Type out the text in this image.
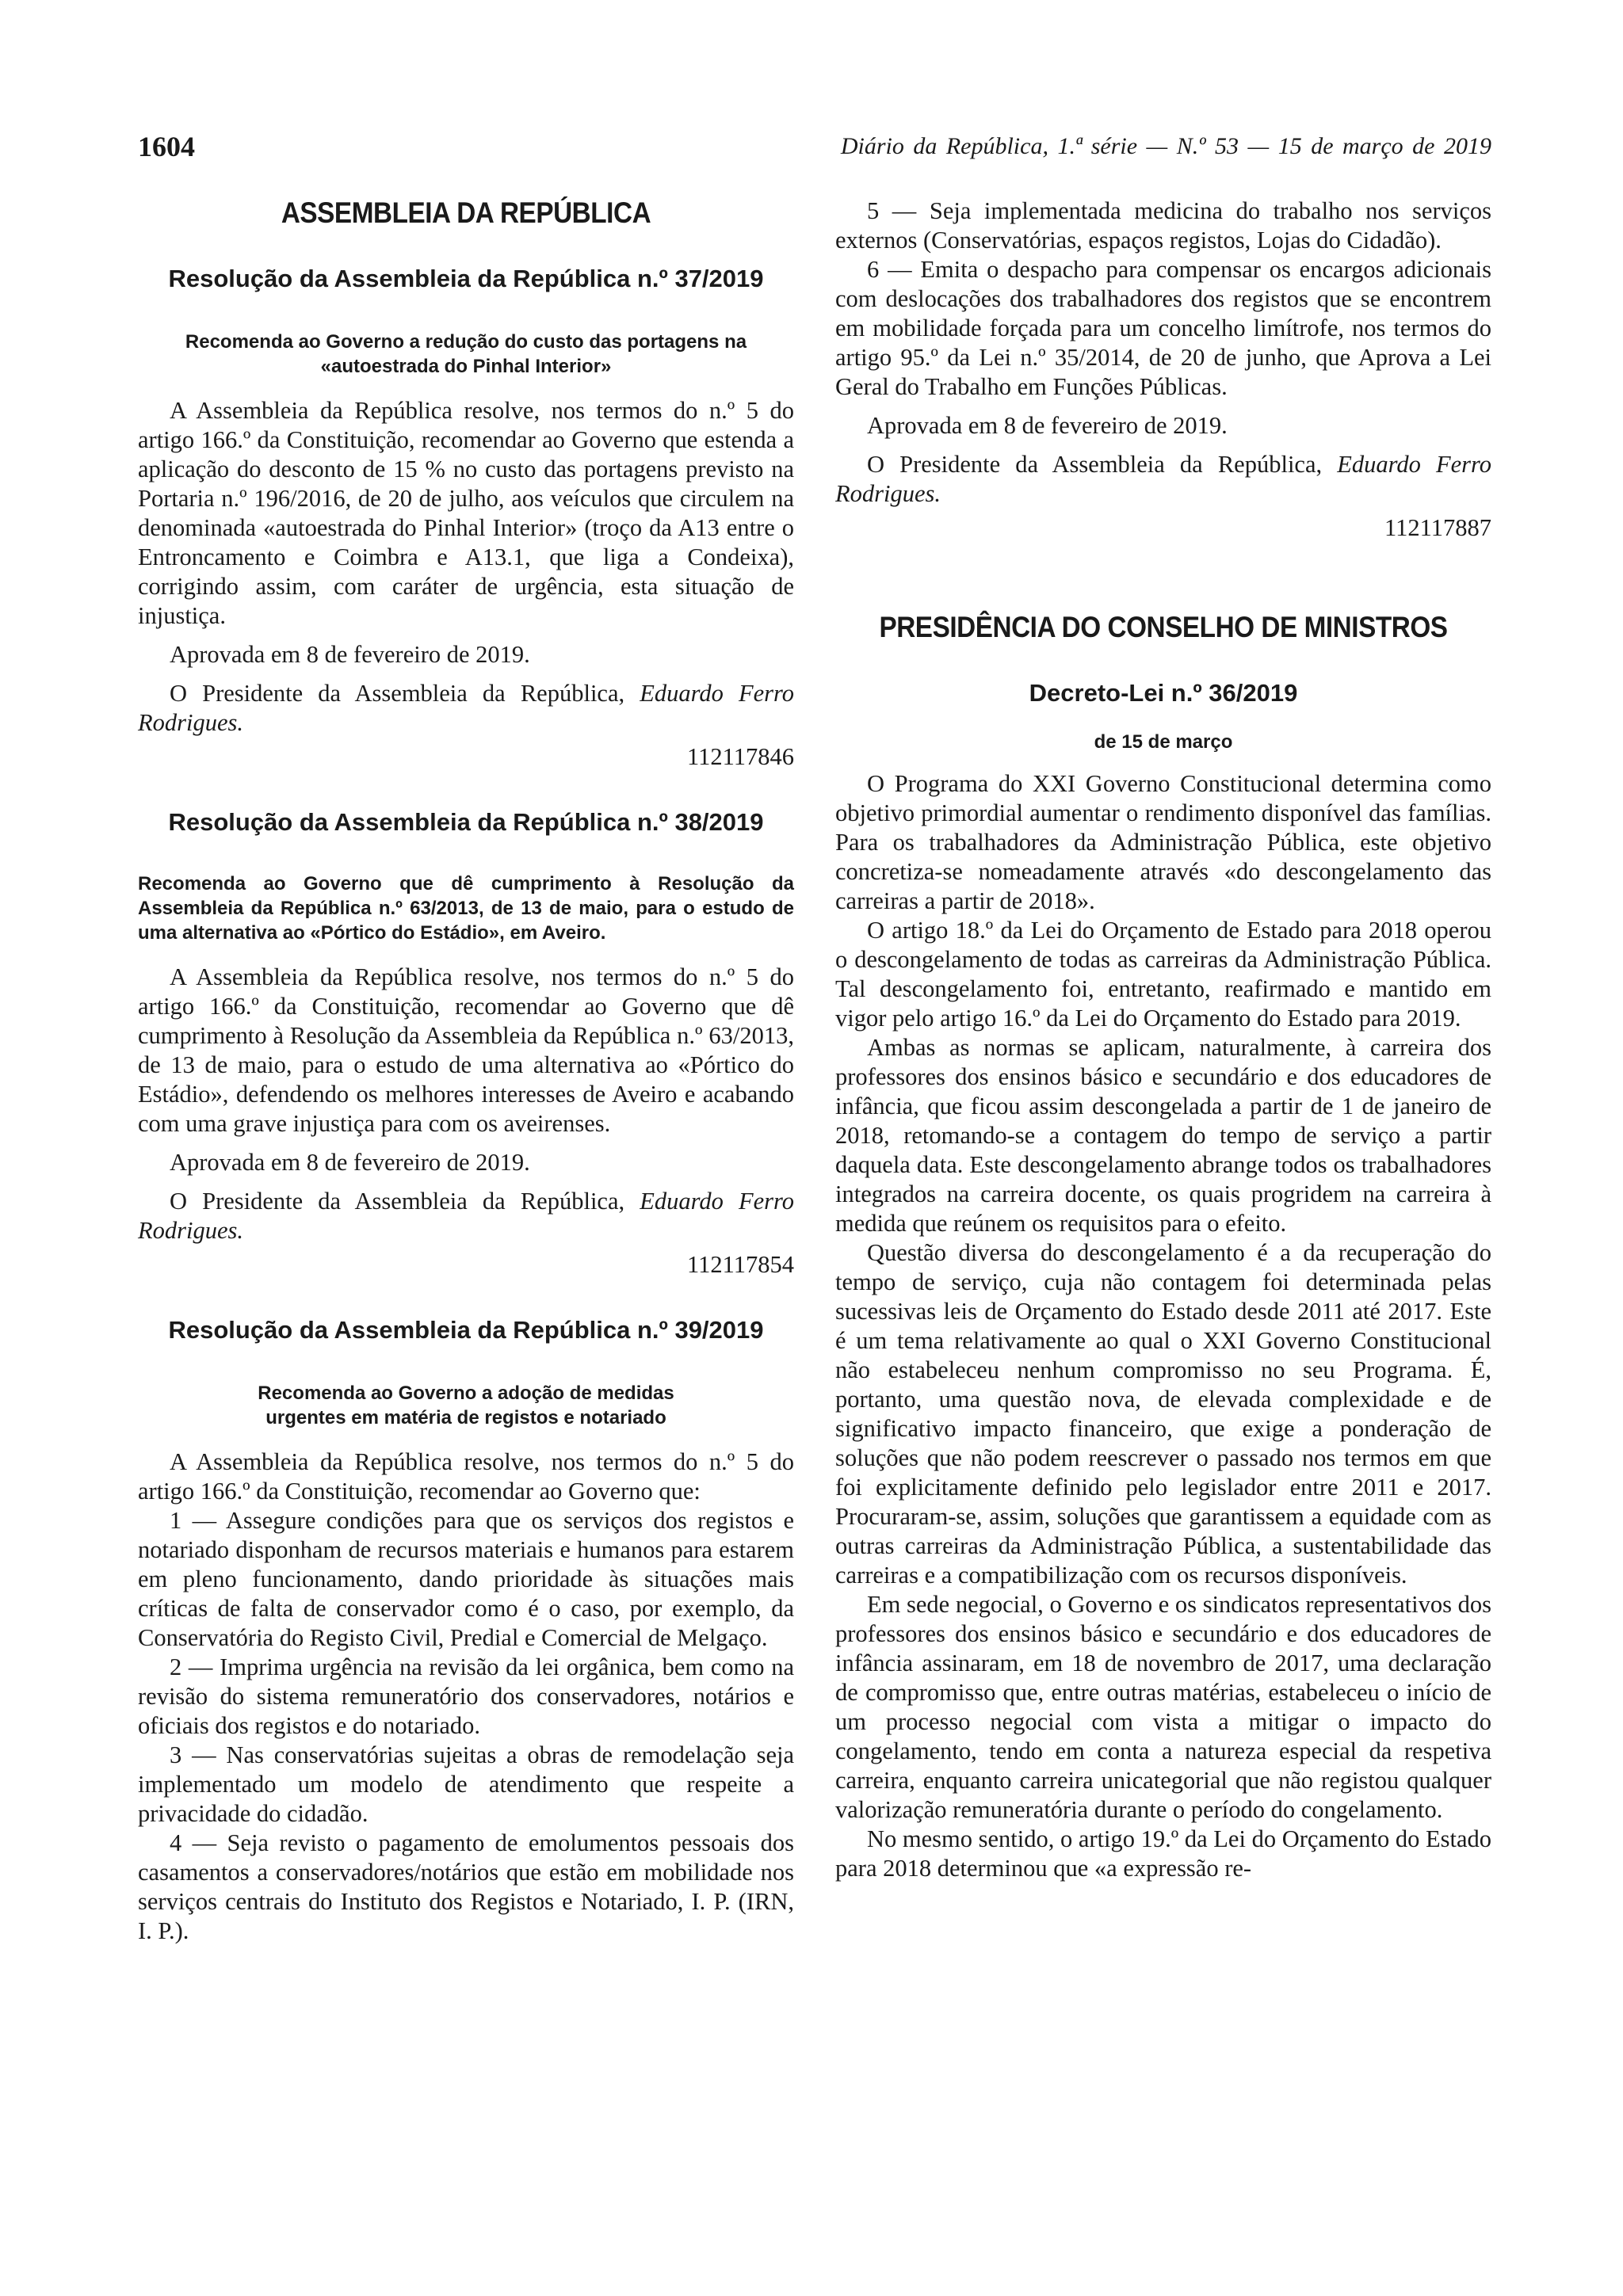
1604	Diário da República, 1.ª série — N.º 53 — 15 de março de 2019
ASSEMBLEIA DA REPÚBLICA
Resolução da Assembleia da República n.º 37/2019
Recomenda ao Governo a redução do custo das portagens na «autoestrada do Pinhal Interior»

A Assembleia da República resolve, nos termos do n.º 5 do artigo 166.º da Constituição, recomendar ao Governo que estenda a aplicação do desconto de 15 % no custo das portagens previsto na Portaria n.º 196/2016, de 20 de julho, aos veículos que circulem na denominada «autoestrada do Pinhal Interior» (troço da A13 entre o Entroncamento e Coimbra e A13.1, que liga a Condeixa), corrigindo assim, com caráter de urgência, esta situação de injustiça.

Aprovada em 8 de fevereiro de 2019.

O Presidente da Assembleia da República, Eduardo Ferro Rodrigues.

112117846
Resolução da Assembleia da República n.º 38/2019
Recomenda ao Governo que dê cumprimento à Resolução da Assembleia da República n.º 63/2013, de 13 de maio, para o estudo de uma alternativa ao «Pórtico do Estádio», em Aveiro.

A Assembleia da República resolve, nos termos do n.º 5 do artigo 166.º da Constituição, recomendar ao Governo que dê cumprimento à Resolução da Assembleia da República n.º 63/2013, de 13 de maio, para o estudo de uma alternativa ao «Pórtico do Estádio», defendendo os melhores interesses de Aveiro e acabando com uma grave injustiça para com os aveirenses.

Aprovada em 8 de fevereiro de 2019.

O Presidente da Assembleia da República, Eduardo Ferro Rodrigues.

112117854
Resolução da Assembleia da República n.º 39/2019
Recomenda ao Governo a adoção de medidas urgentes em matéria de registos e notariado

A Assembleia da República resolve, nos termos do n.º 5 do artigo 166.º da Constituição, recomendar ao Governo que:

1 — Assegure condições para que os serviços dos registos e notariado disponham de recursos materiais e humanos para estarem em pleno funcionamento, dando prioridade às situações mais críticas de falta de conservador como é o caso, por exemplo, da Conservatória do Registo Civil, Predial e Comercial de Melgaço.

2 — Imprima urgência na revisão da lei orgânica, bem como na revisão do sistema remuneratório dos conservadores, notários e oficiais dos registos e do notariado.

3 — Nas conservatórias sujeitas a obras de remodelação seja implementado um modelo de atendimento que respeite a privacidade do cidadão.

4 — Seja revisto o pagamento de emolumentos pessoais dos casamentos a conservadores/notários que estão em mobilidade nos serviços centrais do Instituto dos Registos e Notariado, I. P. (IRN, I. P.).

5 — Seja implementada medicina do trabalho nos serviços externos (Conservatórias, espaços registos, Lojas do Cidadão).

6 — Emita o despacho para compensar os encargos adicionais com deslocações dos trabalhadores dos registos que se encontrem em mobilidade forçada para um concelho limítrofe, nos termos do artigo 95.º da Lei n.º 35/2014, de 20 de junho, que Aprova a Lei Geral do Trabalho em Funções Públicas.

Aprovada em 8 de fevereiro de 2019.

O Presidente da Assembleia da República, Eduardo Ferro Rodrigues.

112117887
PRESIDÊNCIA DO CONSELHO DE MINISTROS
Decreto-Lei n.º 36/2019
de 15 de março

O Programa do XXI Governo Constitucional determina como objetivo primordial aumentar o rendimento disponível das famílias. Para os trabalhadores da Administração Pública, este objetivo concretiza-se nomeadamente através «do descongelamento das carreiras a partir de 2018».

O artigo 18.º da Lei do Orçamento de Estado para 2018 operou o descongelamento de todas as carreiras da Administração Pública. Tal descongelamento foi, entretanto, reafirmado e mantido em vigor pelo artigo 16.º da Lei do Orçamento do Estado para 2019.

Ambas as normas se aplicam, naturalmente, à carreira dos professores dos ensinos básico e secundário e dos educadores de infância, que ficou assim descongelada a partir de 1 de janeiro de 2018, retomando-se a contagem do tempo de serviço a partir daquela data. Este descongelamento abrange todos os trabalhadores integrados na carreira docente, os quais progridem na carreira à medida que reúnem os requisitos para o efeito.

Questão diversa do descongelamento é a da recuperação do tempo de serviço, cuja não contagem foi determinada pelas sucessivas leis de Orçamento do Estado desde 2011 até 2017. Este é um tema relativamente ao qual o XXI Governo Constitucional não estabeleceu nenhum compromisso no seu Programa. É, portanto, uma questão nova, de elevada complexidade e de significativo impacto financeiro, que exige a ponderação de soluções que não podem reescrever o passado nos termos em que foi explicitamente definido pelo legislador entre 2011 e 2017. Procuraram-se, assim, soluções que garantissem a equidade com as outras carreiras da Administração Pública, a sustentabilidade das carreiras e a compatibilização com os recursos disponíveis.

Em sede negocial, o Governo e os sindicatos representativos dos professores dos ensinos básico e secundário e dos educadores de infância assinaram, em 18 de novembro de 2017, uma declaração de compromisso que, entre outras matérias, estabeleceu o início de um processo negocial com vista a mitigar o impacto do congelamento, tendo em conta a natureza especial da respetiva carreira, enquanto carreira unicategorial que não registou qualquer valorização remuneratória durante o período do congelamento.

No mesmo sentido, o artigo 19.º da Lei do Orçamento do Estado para 2018 determinou que «a expressão re-
